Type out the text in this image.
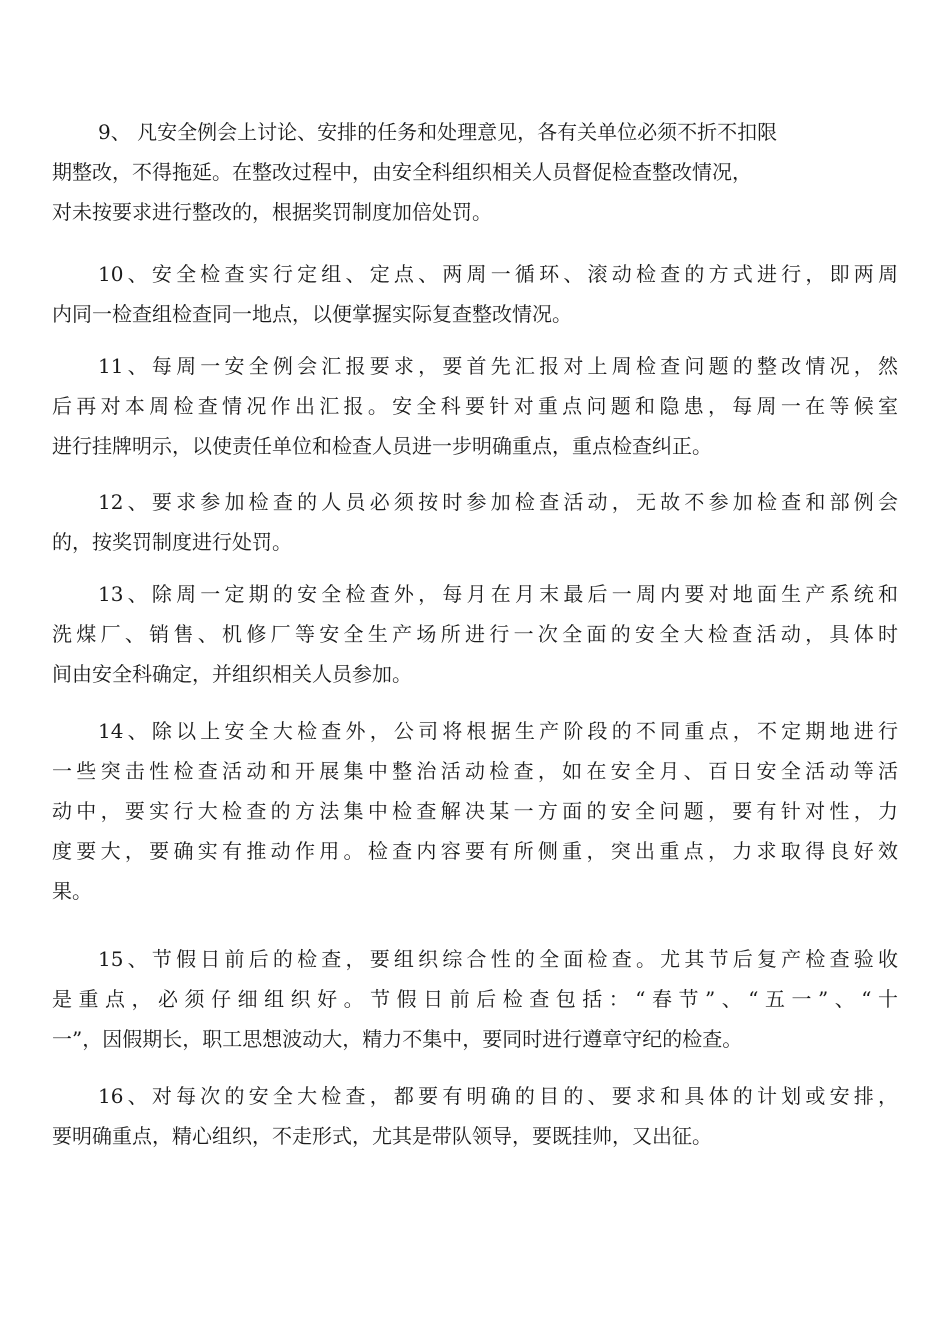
9、 凡安全例会上讨论、安排的任务和处理意见，各有关单位必须不折不扣限
期整改，不得拖延。在整改过程中，由安全科组织相关人员督促检查整改情况，
对未按要求进行整改的，根据奖罚制度加倍处罚。
10、安全检查实行定组、定点、两周一循环、滚动检查的方式进行，即两周
内同一检查组检查同一地点，以便掌握实际复查整改情况。
11、每周一安全例会汇报要求，要首先汇报对上周检查问题的整改情况，然
后再对本周检查情况作出汇报。安全科要针对重点问题和隐患，每周一在等候室
进行挂牌明示，以使责任单位和检查人员进一步明确重点，重点检查纠正。
12、要求参加检查的人员必须按时参加检查活动，无故不参加检查和部例会
的，按奖罚制度进行处罚。
13、除周一定期的安全检查外，每月在月末最后一周内要对地面生产系统和
洗煤厂、销售、机修厂等安全生产场所进行一次全面的安全大检查活动，具体时
间由安全科确定，并组织相关人员参加。
14、除以上安全大检查外，公司将根据生产阶段的不同重点，不定期地进行
一些突击性检查活动和开展集中整治活动检查，如在安全月、百日安全活动等活
动中，要实行大检查的方法集中检查解决某一方面的安全问题，要有针对性，力
度要大，要确实有推动作用。检查内容要有所侧重，突出重点，力求取得良好效
果。
15、节假日前后的检查，要组织综合性的全面检查。尤其节后复产检查验收
是重点，必须仔细组织好。节假日前后检查包括：“春节”、“五一”、“十
一”，因假期长，职工思想波动大，精力不集中，要同时进行遵章守纪的检查。
16、对每次的安全大检查，都要有明确的目的、要求和具体的计划或安排，
要明确重点，精心组织，不走形式，尤其是带队领导，要既挂帅，又出征。
